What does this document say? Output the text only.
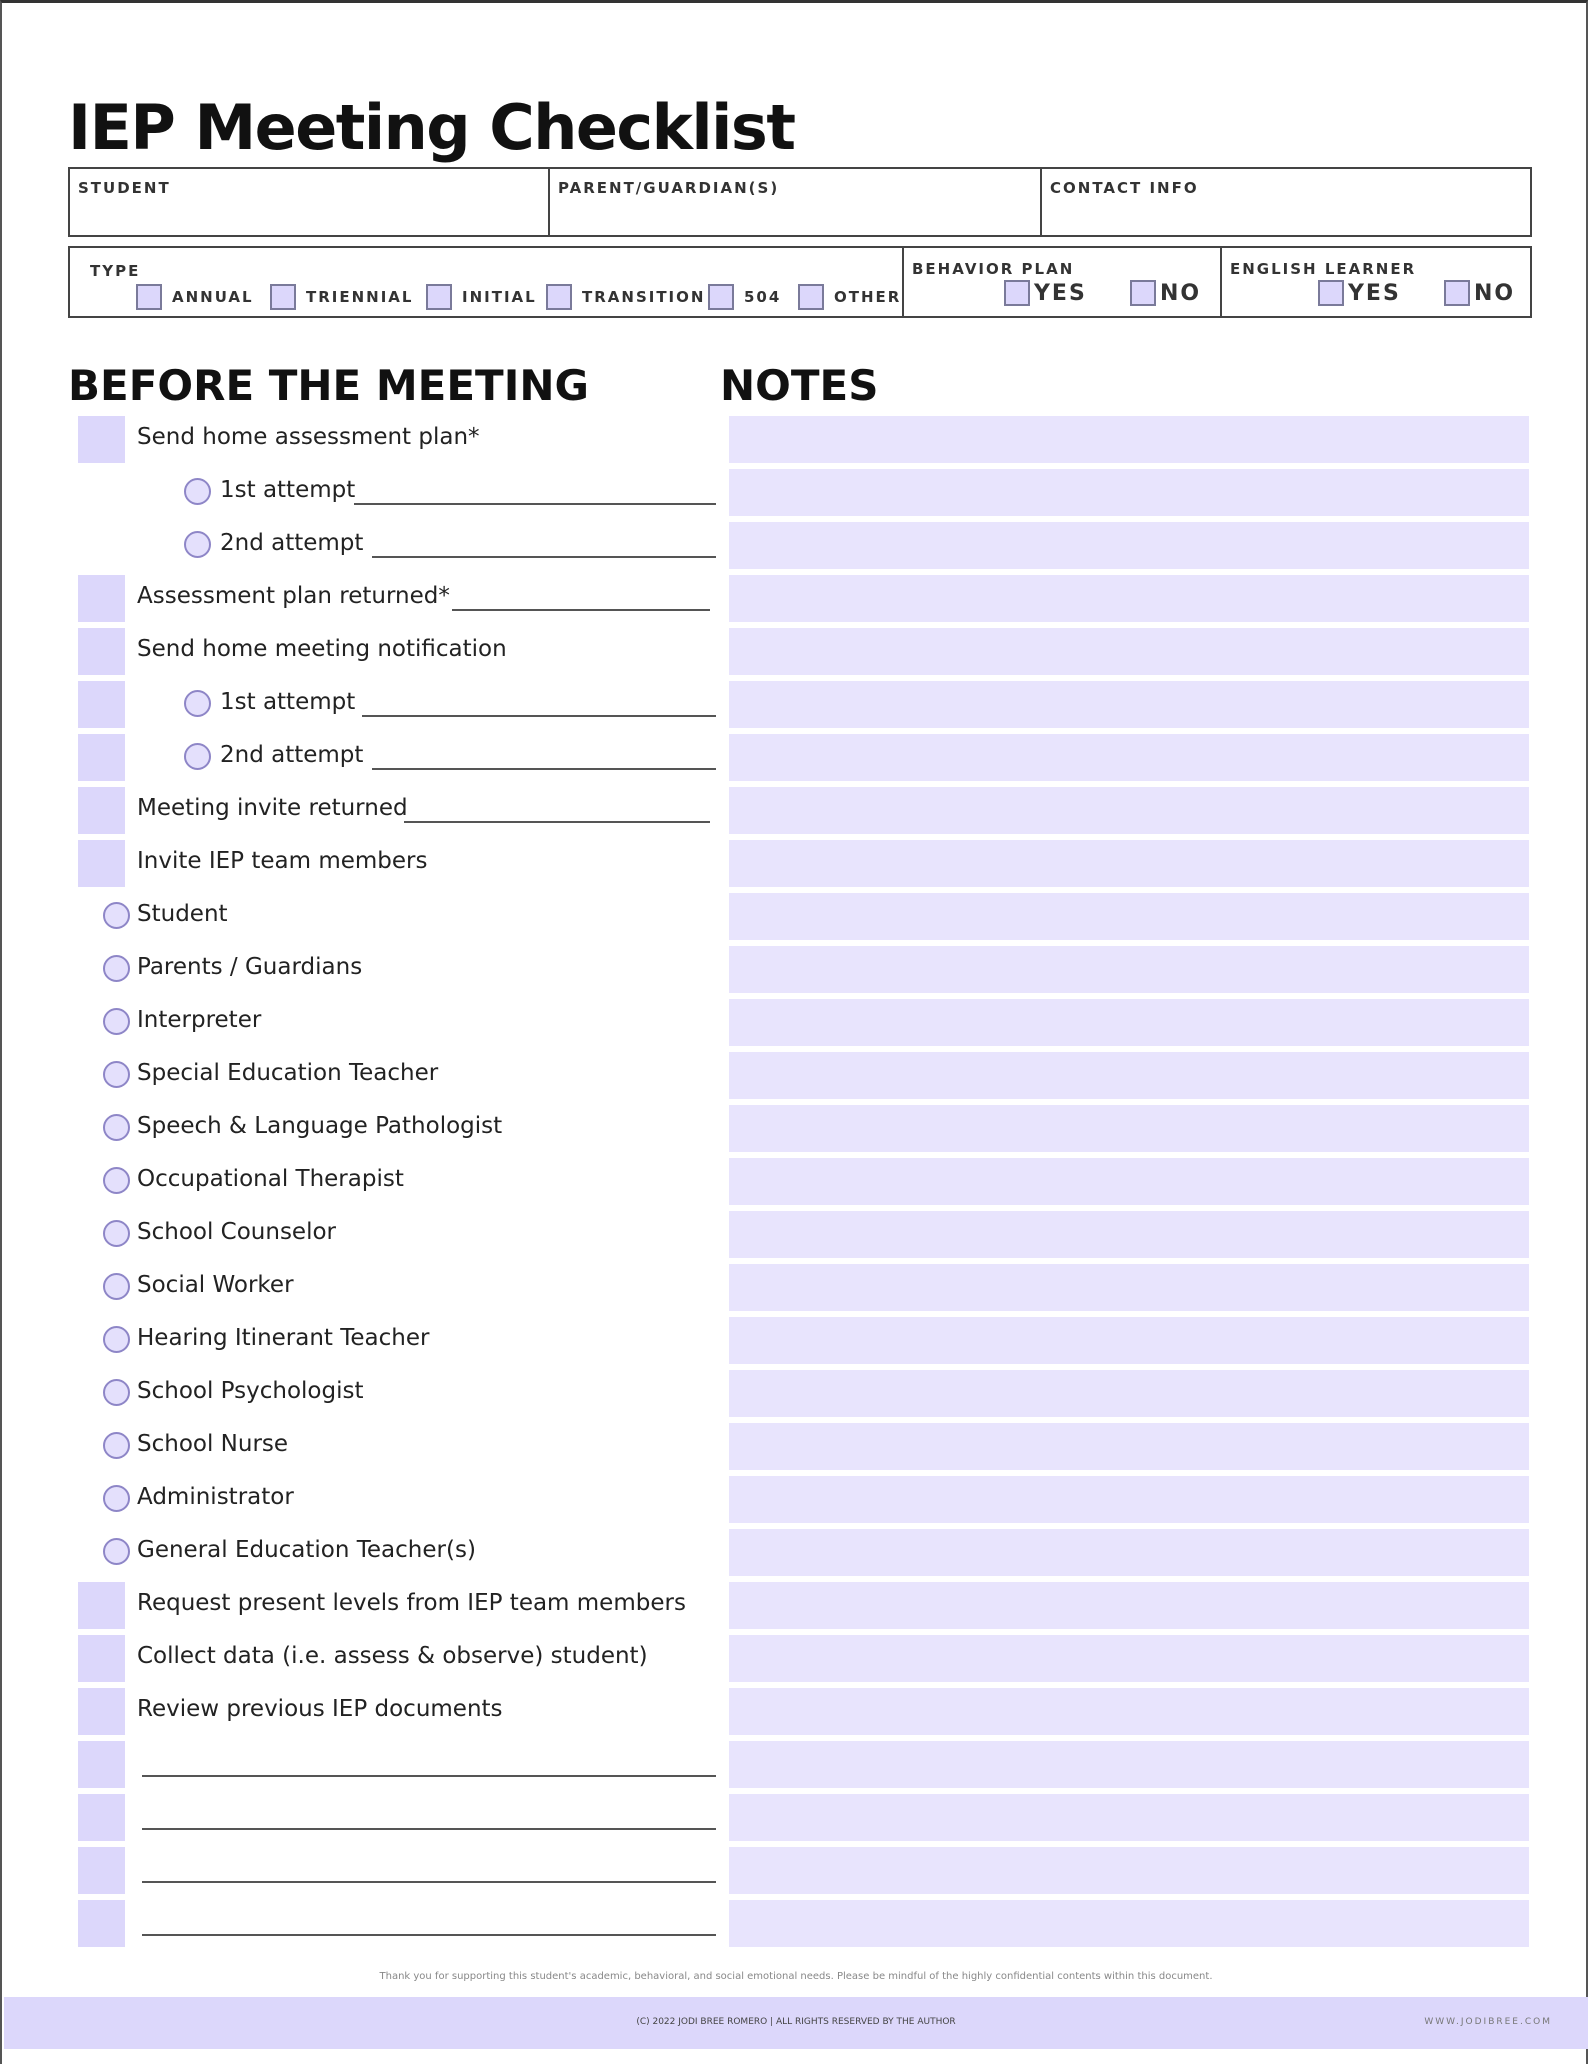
IEP Meeting Checklist
STUDENT	PARENT/GUARDIAN(S)	CONTACT INFO
TYPE
ANNUAL	TRIENNIAL	INITIAL	TRANSITION	504	OTHER
BEHAVIOR PLAN
YES	NO
ENGLISH LEARNER
YES	NO
BEFORE THE MEETING	NOTES
Send home assessment plan*
1st attempt
2nd attempt
Assessment plan returned*
Send home meeting notification
1st attempt
2nd attempt
Meeting invite returned
Invite IEP team members
Student
Parents / Guardians
Interpreter
Special Education Teacher
Speech & Language Pathologist
Occupational Therapist
School Counselor
Social Worker
Hearing Itinerant Teacher
School Psychologist
School Nurse
Administrator
General Education Teacher(s)
Request present levels from IEP team members
Collect data (i.e. assess & observe) student)
Review previous IEP documents
Thank you for supporting this student's academic, behavioral, and social emotional needs. Please be mindful of the highly confidential contents within this document.
(C) 2022 JODI BREE ROMERO | ALL RIGHTS RESERVED BY THE AUTHOR	WWW.JODIBREE.COM
